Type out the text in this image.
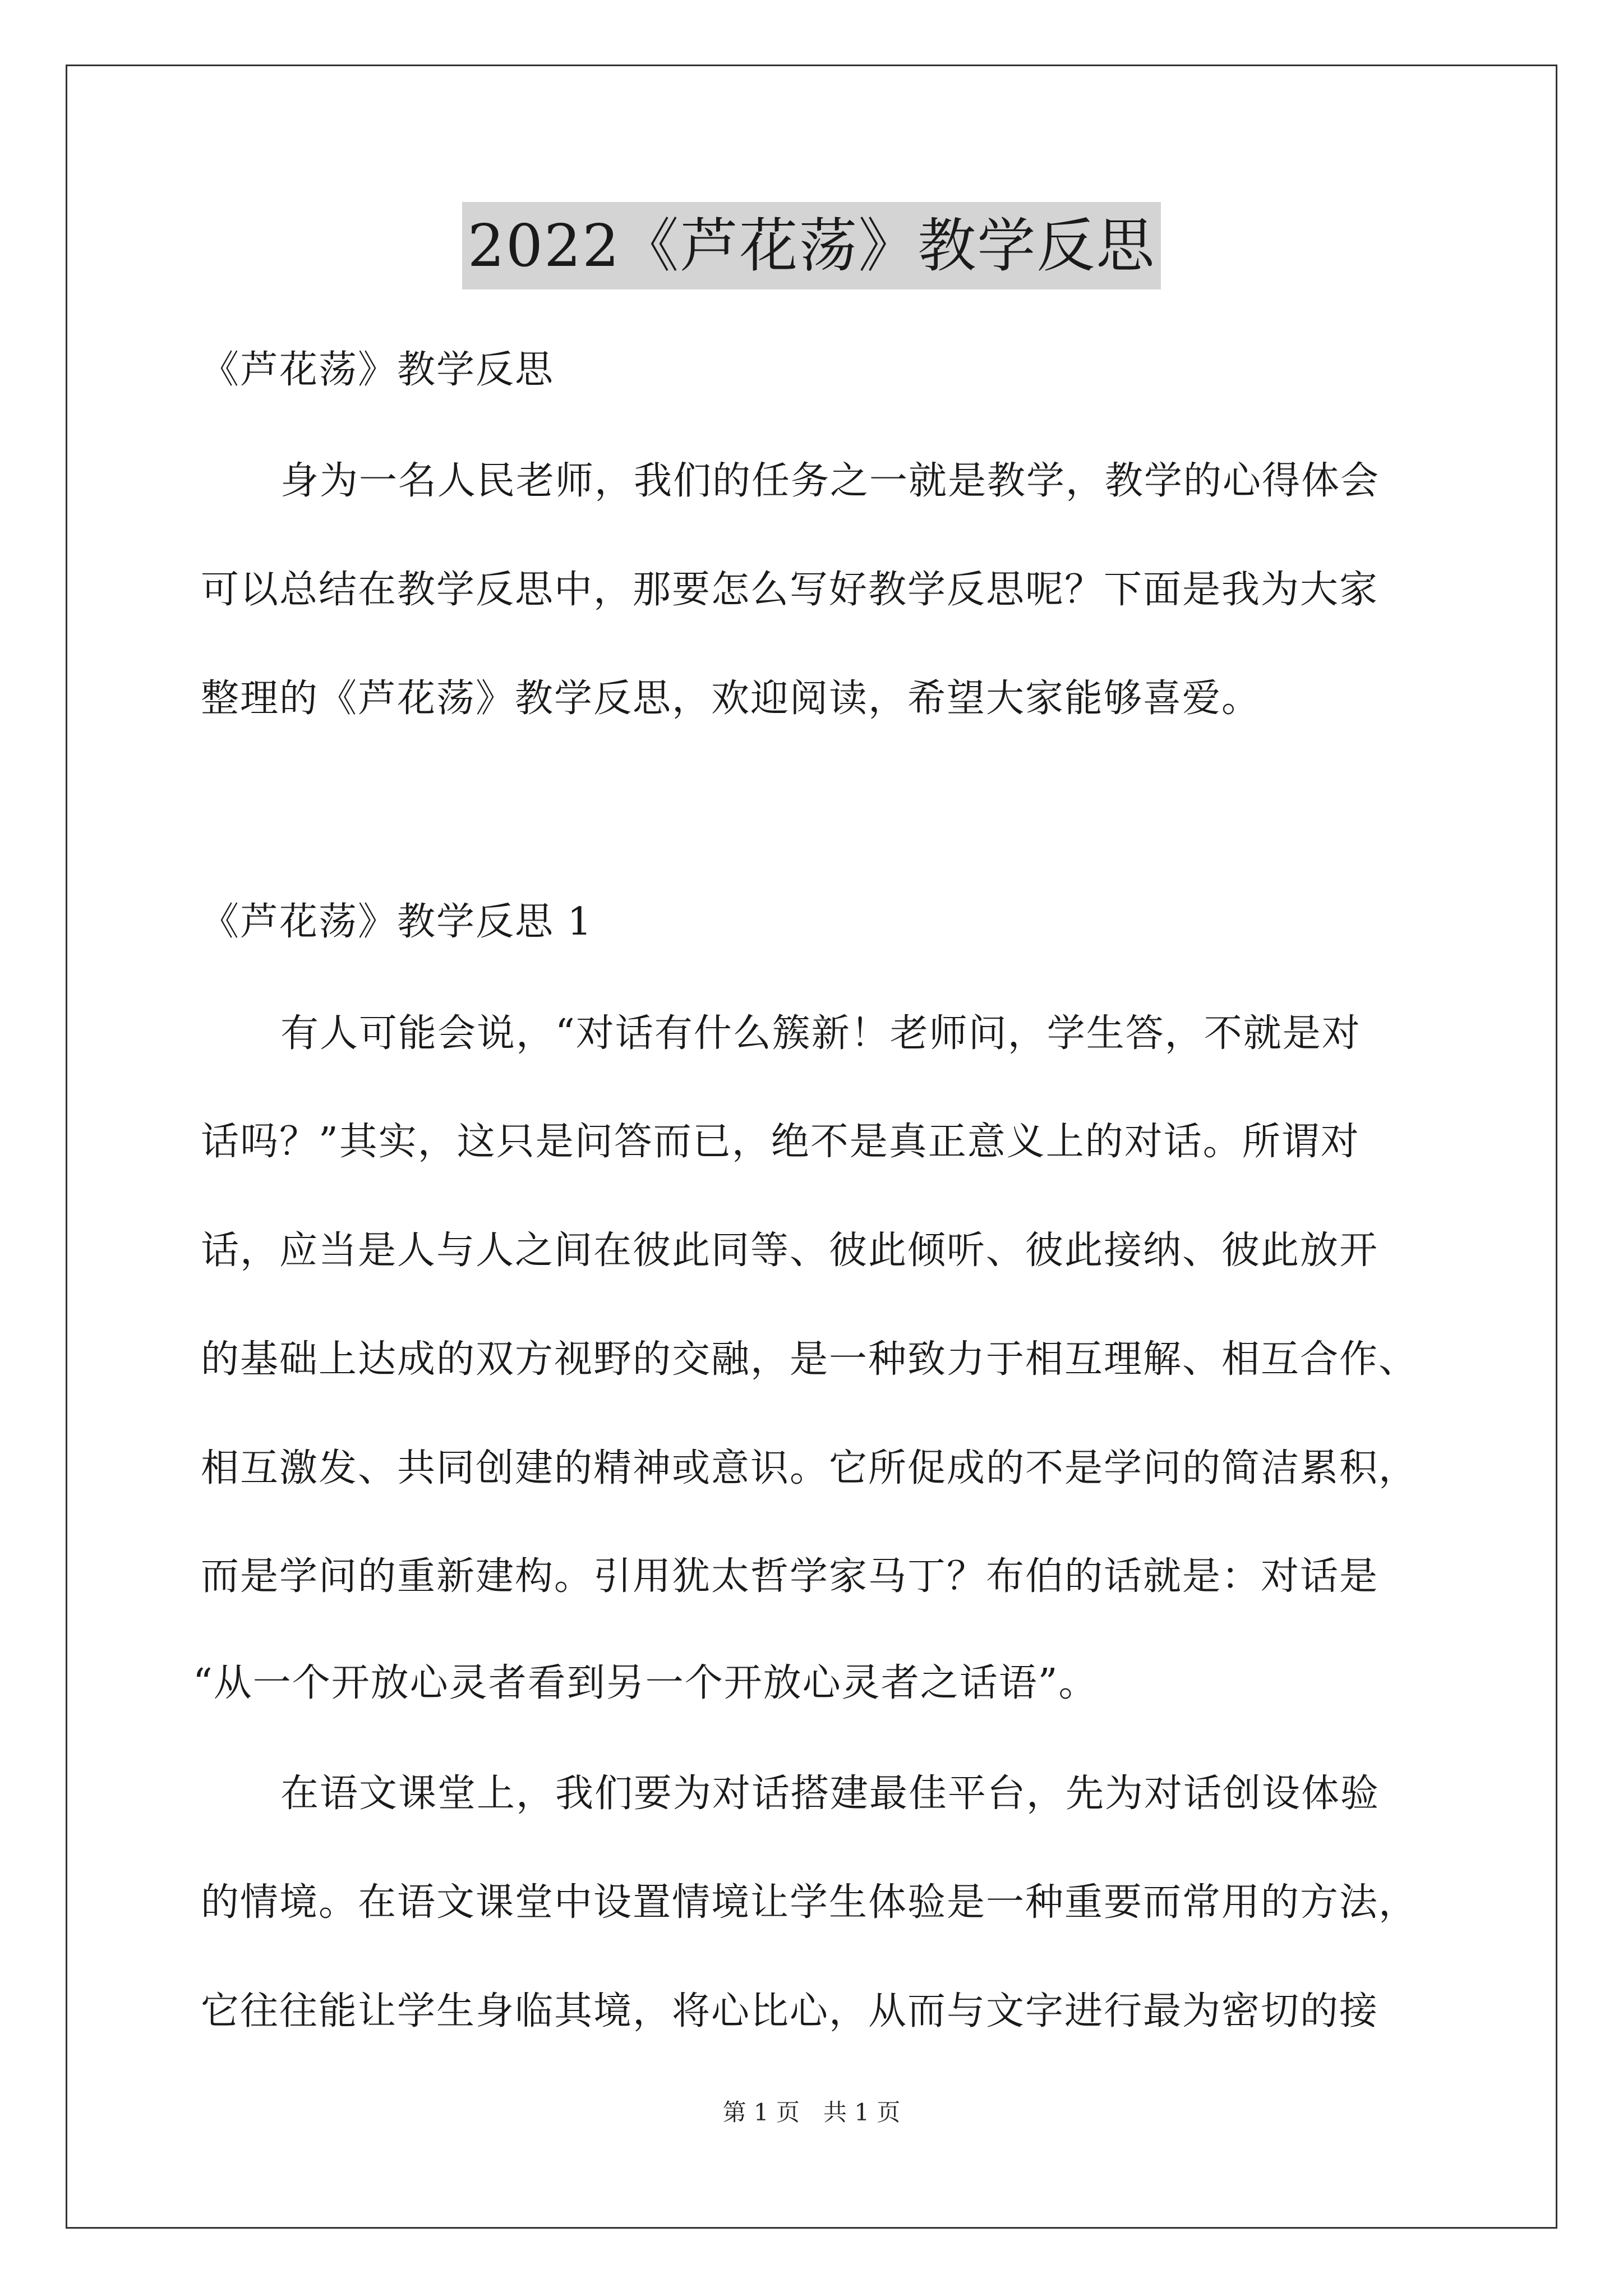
2022《芦花荡》教学反思
《芦花荡》教学反思
身为一名人民老师，我们的任务之一就是教学，教学的心得体会
可以总结在教学反思中，那要怎么写好教学反思呢？下面是我为大家
整理的《芦花荡》教学反思，欢迎阅读，希望大家能够喜爱。
《芦花荡》教学反思 1
有人可能会说，“对话有什么簇新！老师问，学生答，不就是对
话吗？”其实，这只是问答而已，绝不是真正意义上的对话。所谓对
话，应当是人与人之间在彼此同等、彼此倾听、彼此接纳、彼此放开
的基础上达成的双方视野的交融，是一种致力于相互理解、相互合作、
相互激发、共同创建的精神或意识。它所促成的不是学问的简洁累积，
而是学问的重新建构。引用犹太哲学家马丁？布伯的话就是：对话是
“从一个开放心灵者看到另一个开放心灵者之话语”。
在语文课堂上，我们要为对话搭建最佳平台，先为对话创设体验
的情境。在语文课堂中设置情境让学生体验是一种重要而常用的方法，
它往往能让学生身临其境，将心比心，从而与文字进行最为密切的接
第 1 页　共 1 页
